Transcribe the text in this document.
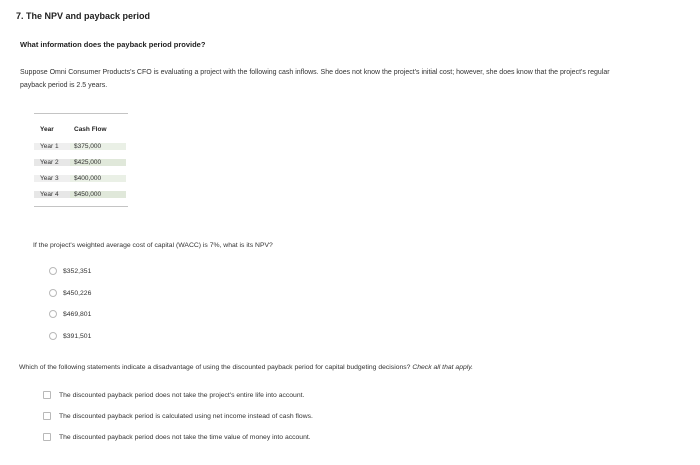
7. The NPV and payback period
What information does the payback period provide?
Suppose Omni Consumer Products's CFO is evaluating a project with the following cash inflows. She does not know the project's initial cost; however, she does know that the project's regular payback period is 2.5 years.
Year	Cash Flow
Year 1	$375,000
Year 2	$425,000
Year 3	$400,000
Year 4	$450,000
If the project's weighted average cost of capital (WACC) is 7%, what is its NPV?
$352,351
$450,226
$469,801
$391,501
Which of the following statements indicate a disadvantage of using the discounted payback period for capital budgeting decisions? Check all that apply.
The discounted payback period does not take the project's entire life into account.
The discounted payback period is calculated using net income instead of cash flows.
The discounted payback period does not take the time value of money into account.
